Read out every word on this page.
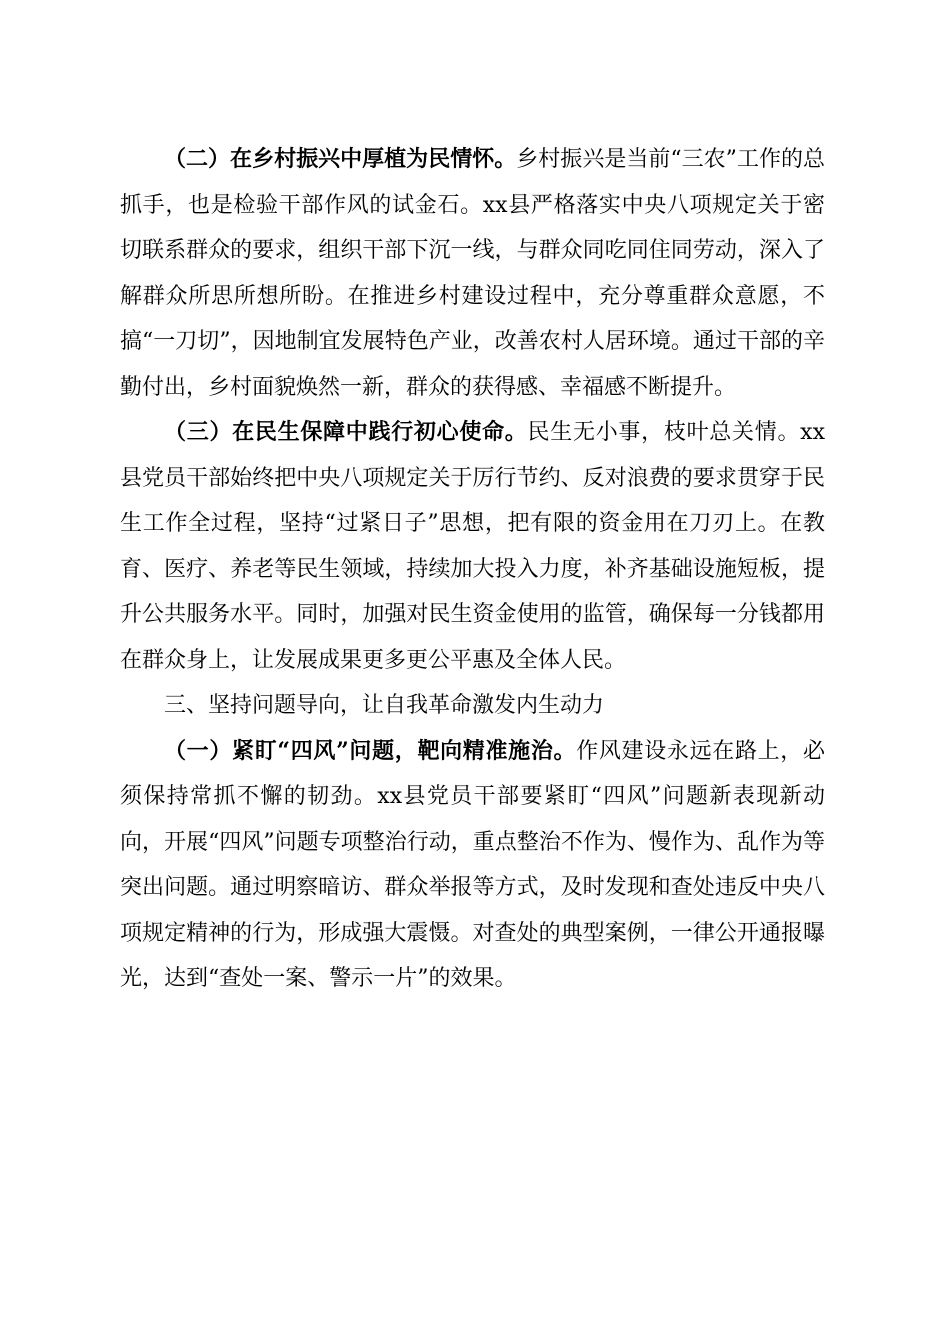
（二）在乡村振兴中厚植为民情怀。乡村振兴是当前“三农”工作的总抓手，也是检验干部作风的试金石。xx县严格落实中央八项规定关于密切联系群众的要求，组织干部下沉一线，与群众同吃同住同劳动，深入了解群众所思所想所盼。在推进乡村建设过程中，充分尊重群众意愿，不搞“一刀切”，因地制宜发展特色产业，改善农村人居环境。通过干部的辛勤付出，乡村面貌焕然一新，群众的获得感、幸福感不断提升。

（三）在民生保障中践行初心使命。民生无小事，枝叶总关情。xx县党员干部始终把中央八项规定关于厉行节约、反对浪费的要求贯穿于民生工作全过程，坚持“过紧日子”思想，把有限的资金用在刀刃上。在教育、医疗、养老等民生领域，持续加大投入力度，补齐基础设施短板，提升公共服务水平。同时，加强对民生资金使用的监管，确保每一分钱都用在群众身上，让发展成果更多更公平惠及全体人民。

三、坚持问题导向，让自我革命激发内生动力

（一）紧盯“四风”问题，靶向精准施治。作风建设永远在路上，必须保持常抓不懈的韧劲。xx县党员干部要紧盯“四风”问题新表现新动向，开展“四风”问题专项整治行动，重点整治不作为、慢作为、乱作为等突出问题。通过明察暗访、群众举报等方式，及时发现和查处违反中央八项规定精神的行为，形成强大震慑。对查处的典型案例，一律公开通报曝光，达到“查处一案、警示一片”的效果。
